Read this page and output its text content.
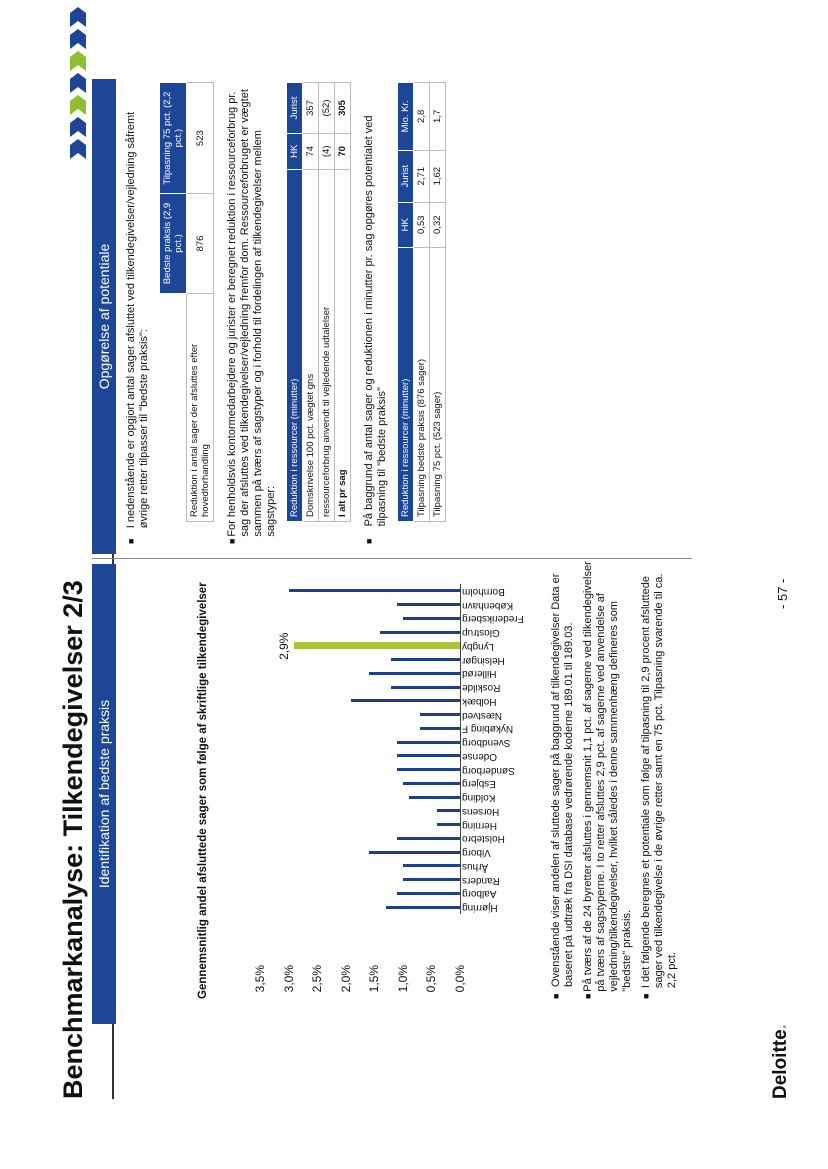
Benchmarkanalyse: Tilkendegivelser 2/3 Identifikation af bedste praksis	Gennemsnitlig andel afsluttede sager som følge af skriftlige tilkendegivelser	0,0%
0,5%
1,0%
1,5%
2,0%
2,5%
3,0%
3,5%
2,9%
Hjørring
Aalborg
Randers
Århus
Viborg
Holstebro
Herning
Horsens
Kolding
Esbjerg
Sønderborg
Odense
Svendborg
Nykøbing F
Næstved
Holbæk
Roskilde
Hillerød
Helsingør
Lyngby
Glostrup
Frederiksberg
København
Bornholm
■
Ovenstående viser andelen af sluttede sager på baggrund af tilkendegivelser Data er baseret på udtræk fra DSI database vedrørende koderne 189.01 til 189.03.
■
På tværs af de 24 byretter afsluttes i gennemsnit 1,1 pct. af sagerne ved tilkendegivelser på tværs af sagstyperne. I to retter afsluttes 2,9 pct. af sagerne ved anvendelse af vejledning/tilkendegivelser, hvilket således i denne sammenhæng defineres som "bedste" praksis.
■
I det følgende beregnes et potentiale som følge af tilpasning til 2,9 procent afsluttede sager ved tilkendegivelse i de øvrige retter samt en 75 pct. Tilpasning svarende til ca. 2,2 pct.
Opgørelse af potentiale
■
I nedenstående er opgjort antal sager afsluttet ved tilkendegivelser/vejledning såfremt øvrige retter tilpasser til "bedste praksis":
	Bedste praksis (2,9 pct.)	Tilpasning 75 pct. (2,2 pct.)
Reduktion i antal sager der afsluttes efter hovedforhandling	876	523
■
For henholdsvis kontormedarbejdere og jurister er beregnet reduktion i ressourceforbrug pr. sag der afsluttes ved tilkendegivelser/vejledning fremfor dom. Ressourceforbruget er vægtet sammen på tværs af sagstyper og i forhold til fordelingen af tilkendegivelser mellem sagstyper: Reduktion i ressourcer (minutter)	HK	Jurist
Domskrivelse 100 pct. vægtet gns	74	357
ressourceforbrug anvendt til vejledende udtalelser	(4)	(52)
I alt pr sag	70	305
■
På baggrund af antal sager og reduktionen i minutter pr. sag opgøres potentialet ved tilpasning til "bedste praksis" Reduktion i ressourcer (minutter)	HK	Jurist	Mio. Kr.
Tilpasning bedste praksis (876 sager)	0,53	2,71	2,8
Tilpasning 75 pct. (523 sager)	0,32	1,62	1,7
Deloitte.
- 57 -
